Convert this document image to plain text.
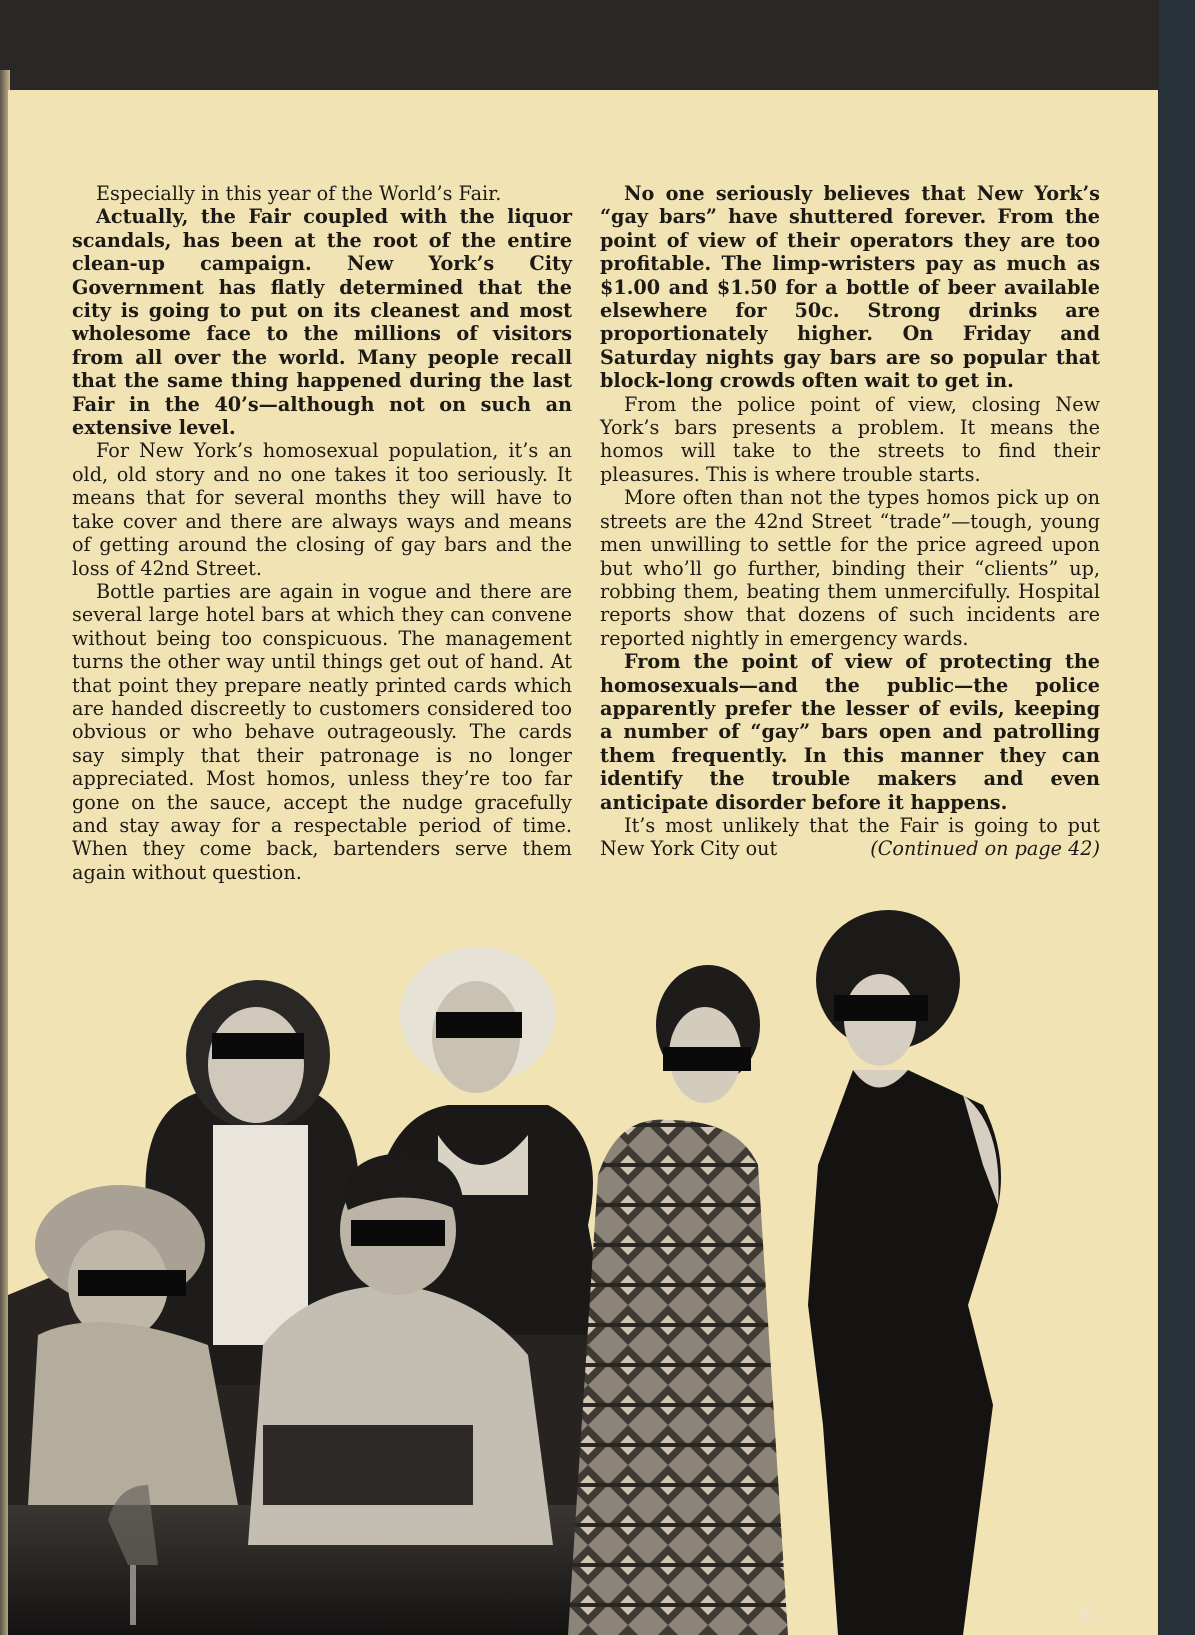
Especially in this year of the World’s Fair.

Actually, the Fair coupled with the liquor scandals, has been at the root of the entire clean-up campaign. New York’s City Government has flatly determined that the city is going to put on its cleanest and most wholesome face to the millions of visitors from all over the world. Many people recall that the same thing happened during the last Fair in the 40’s—although not on such an extensive level.

For New York’s homosexual population, it’s an old, old story and no one takes it too seriously. It means that for several months they will have to take cover and there are always ways and means of getting around the closing of gay bars and the loss of 42nd Street.

Bottle parties are again in vogue and there are several large hotel bars at which they can convene without being too conspicuous. The management turns the other way until things get out of hand. At that point they prepare neatly printed cards which are handed discreetly to customers considered too obvious or who behave outrageously. The cards say simply that their patronage is no longer appreciated. Most homos, unless they’re too far gone on the sauce, accept the nudge gracefully and stay away for a respectable period of time. When they come back, bartenders serve them again without question.

No one seriously believes that New York’s “gay bars” have shuttered forever. From the point of view of their operators they are too profitable. The limp-wristers pay as much as $1.00 and $1.50 for a bottle of beer available elsewhere for 50c. Strong drinks are proportionately higher. On Friday and Saturday nights gay bars are so popular that block-long crowds often wait to get in.

From the police point of view, closing New York’s bars presents a problem. It means the homos will take to the streets to find their pleasures. This is where trouble starts.

More often than not the types homos pick up on streets are the 42nd Street “trade”—tough, young men unwilling to settle for the price agreed upon but who’ll go further, binding their “clients” up, robbing them, beating them unmercifully. Hospital reports show that dozens of such incidents are reported nightly in emergency wards.

From the point of view of protecting the homosexuals—and the public—the police apparently prefer the lesser of evils, keeping a number of “gay” bars open and patrolling them frequently. In this manner they can identify the trouble makers and even anticipate disorder before it happens.

It’s most unlikely that the Fair is going to put New York City out	(Continued on page 42)

41
